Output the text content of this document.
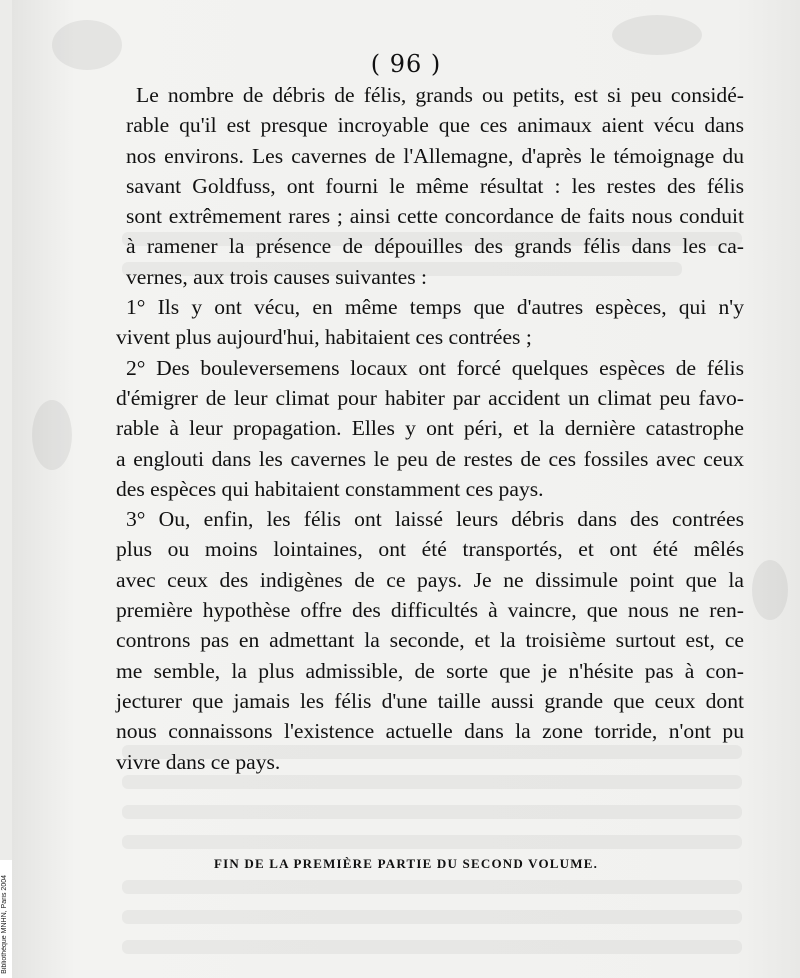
( 96 )

Le nombre de débris de félis, grands ou petits, est si peu considé-
rable qu'il est presque incroyable que ces animaux aient vécu dans
nos environs. Les cavernes de l'Allemagne, d'après le témoignage du
savant Goldfuss, ont fourni le même résultat : les restes des félis
sont extrêmement rares ; ainsi cette concordance de faits nous conduit
à ramener la présence de dépouilles des grands félis dans les ca-
vernes, aux trois causes suivantes :

1° Ils y ont vécu, en même temps que d'autres espèces, qui n'y
vivent plus aujourd'hui, habitaient ces contrées ;

2° Des bouleversemens locaux ont forcé quelques espèces de félis
d'émigrer de leur climat pour habiter par accident un climat peu favo-
rable à leur propagation. Elles y ont péri, et la dernière catastrophe
a englouti dans les cavernes le peu de restes de ces fossiles avec ceux
des espèces qui habitaient constamment ces pays.

3° Ou, enfin, les félis ont laissé leurs débris dans des contrées
plus ou moins lointaines, ont été transportés, et ont été mêlés
avec ceux des indigènes de ce pays. Je ne dissimule point que la
première hypothèse offre des difficultés à vaincre, que nous ne ren-
controns pas en admettant la seconde, et la troisième surtout est, ce
me semble, la plus admissible, de sorte que je n'hésite pas à con-
jecturer que jamais les félis d'une taille aussi grande que ceux dont
nous connaissons l'existence actuelle dans la zone torride, n'ont pu
vivre dans ce pays.

FIN DE LA PREMIÈRE PARTIE DU SECOND VOLUME.
Bibliothèque MNHN, Paris 2004
